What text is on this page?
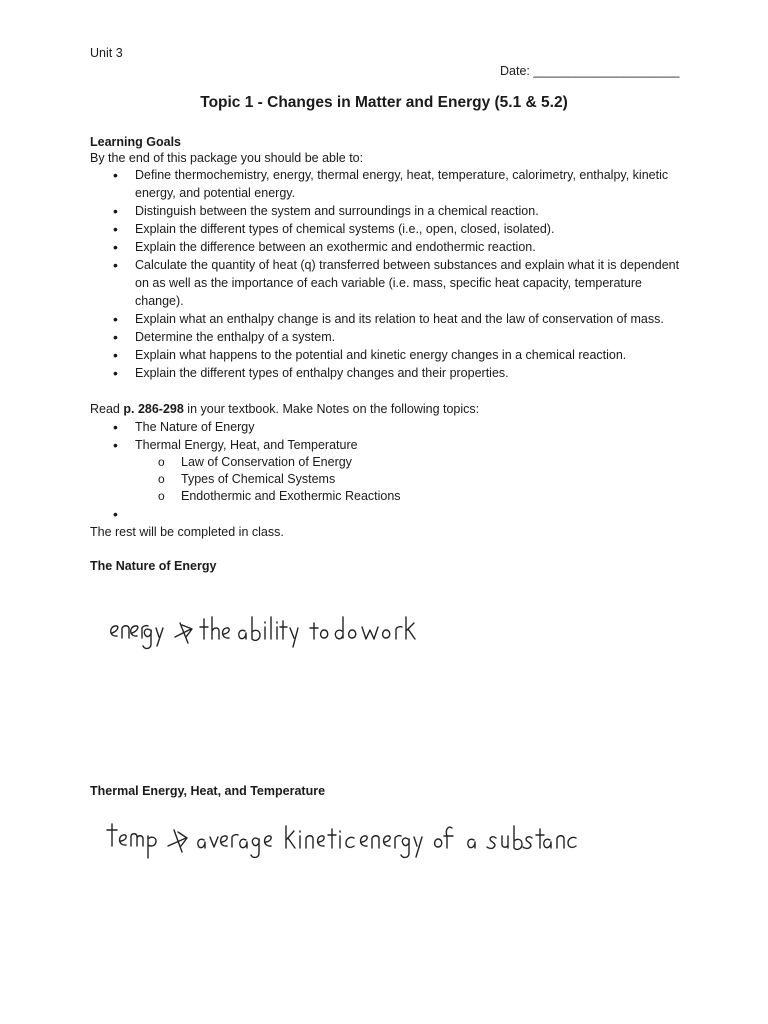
Unit 3
Date: _____________________
Topic 1 - Changes in Matter and Energy (5.1 & 5.2)
Learning Goals
By the end of this package you should be able to:
• Define thermochemistry, energy, thermal energy, heat, temperature, calorimetry, enthalpy, kinetic energy, and potential energy.
• Distinguish between the system and surroundings in a chemical reaction.
• Explain the different types of chemical systems (i.e., open, closed, isolated).
• Explain the difference between an exothermic and endothermic reaction.
• Calculate the quantity of heat (q) transferred between substances and explain what it is dependent on as well as the importance of each variable (i.e. mass, specific heat capacity, temperature change).
• Explain what an enthalpy change is and its relation to heat and the law of conservation of mass.
• Determine the enthalpy of a system.
• Explain what happens to the potential and kinetic energy changes in a chemical reaction.
• Explain the different types of enthalpy changes and their properties.
Read p. 286-298 in your textbook. Make Notes on the following topics:
• The Nature of Energy
• Thermal Energy, Heat, and Temperature
o Law of Conservation of Energy
o Types of Chemical Systems
o Endothermic and Exothermic Reactions
•
The rest will be completed in class.
The Nature of Energy
Thermal Energy, Heat, and Temperature
